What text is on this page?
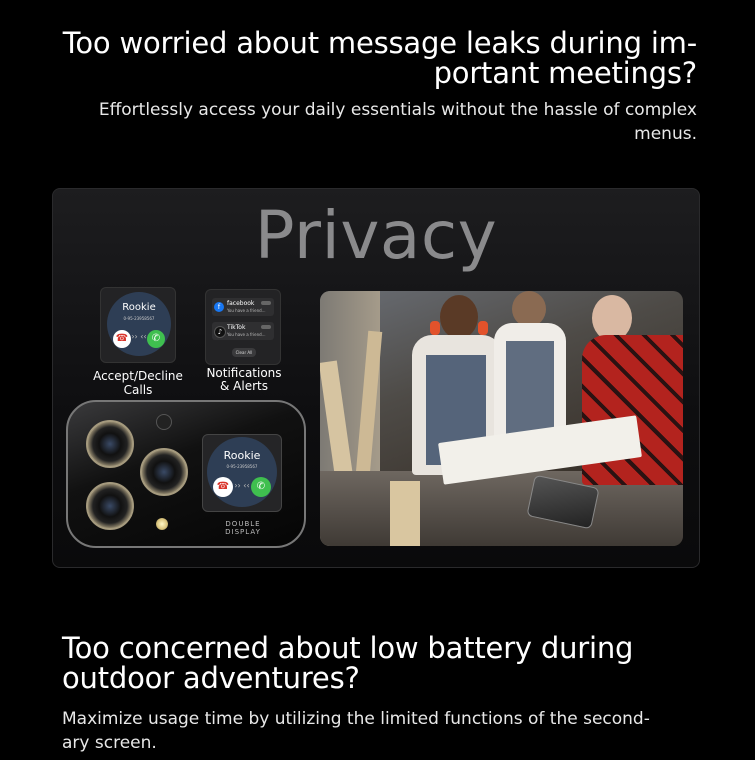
Too worried about message leaks during im-
portant meetings?
Effortlessly access your daily essentials without the hassle of complex
menus.
Privacy
Rookie
0-95-23958567
☎ ›› ‹‹ ✆
f	facebook
You have a friend...
♪
TikTok
You have a friend...
Clear All
Accept/Decline Calls
Notifications
& Alerts
Rookie
0-95-23958567
☎ ›› ‹‹ ✆
DOUBLE DISPLAY
Too concerned about low battery during
outdoor adventures?
Maximize usage time by utilizing the limited functions of the second-
ary screen.
